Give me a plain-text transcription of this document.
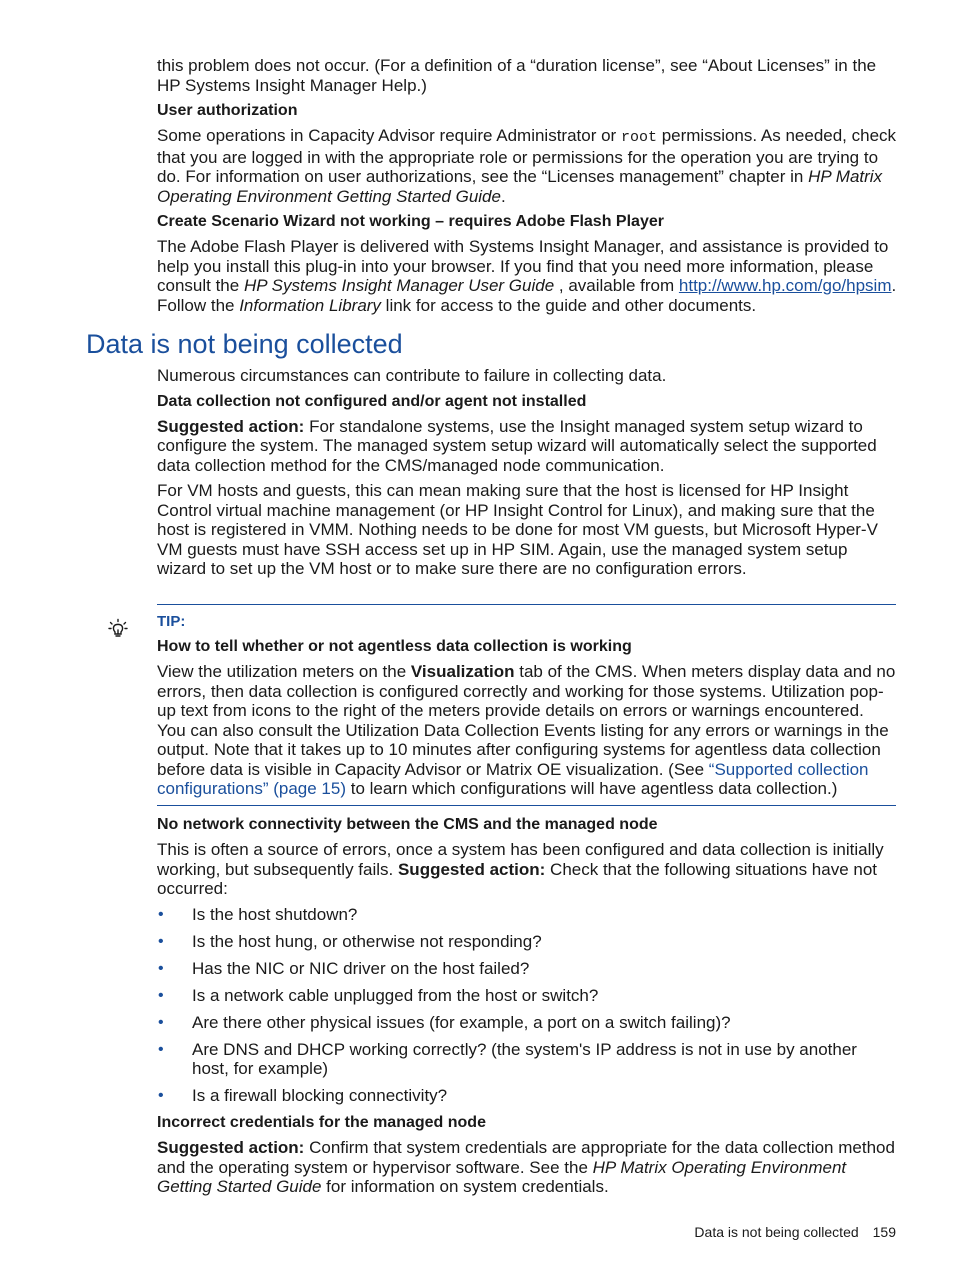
this problem does not occur. (For a definition of a “duration license”, see “About Licenses” in the HP Systems Insight Manager Help.)

User authorization

Some operations in Capacity Advisor require Administrator or root permissions. As needed, check that you are logged in with the appropriate role or permissions for the operation you are trying to do. For information on user authorizations, see the “Licenses management” chapter in HP Matrix Operating Environment Getting Started Guide.

Create Scenario Wizard not working – requires Adobe Flash Player

The Adobe Flash Player is delivered with Systems Insight Manager, and assistance is provided to help you install this plug-in into your browser. If you find that you need more information, please consult the HP Systems Insight Manager User Guide , available from http://www.hp.com/go/hpsim. Follow the Information Library link for access to the guide and other documents.

Data is not being collected

Numerous circumstances can contribute to failure in collecting data.

Data collection not configured and/or agent not installed

Suggested action: For standalone systems, use the Insight managed system setup wizard to configure the system. The managed system setup wizard will automatically select the supported data collection method for the CMS/managed node communication.

For VM hosts and guests, this can mean making sure that the host is licensed for HP Insight Control virtual machine management (or HP Insight Control for Linux), and making sure that the host is registered in VMM. Nothing needs to be done for most VM guests, but Microsoft Hyper-V VM guests must have SSH access set up in HP SIM. Again, use the managed system setup wizard to set up the VM host or to make sure there are no configuration errors.

TIP:
How to tell whether or not agentless data collection is working

View the utilization meters on the Visualization tab of the CMS. When meters display data and no errors, then data collection is configured correctly and working for those systems. Utilization pop-up text from icons to the right of the meters provide details on errors or warnings encountered. You can also consult the Utilization Data Collection Events listing for any errors or warnings in the output. Note that it takes up to 10 minutes after configuring systems for agentless data collection before data is visible in Capacity Advisor or Matrix OE visualization. (See “Supported collection configurations” (page 15) to learn which configurations will have agentless data collection.)

No network connectivity between the CMS and the managed node

This is often a source of errors, once a system has been configured and data collection is initially working, but subsequently fails. Suggested action: Check that the following situations have not occurred:

• Is the host shutdown?
• Is the host hung, or otherwise not responding?
• Has the NIC or NIC driver on the host failed?
• Is a network cable unplugged from the host or switch?
• Are there other physical issues (for example, a port on a switch failing)?
• Are DNS and DHCP working correctly? (the system's IP address is not in use by another host, for example)
• Is a firewall blocking connectivity?
Incorrect credentials for the managed node

Suggested action: Confirm that system credentials are appropriate for the data collection method and the operating system or hypervisor software. See the HP Matrix Operating Environment Getting Started Guide for information on system credentials.

Data is not being collected 159
